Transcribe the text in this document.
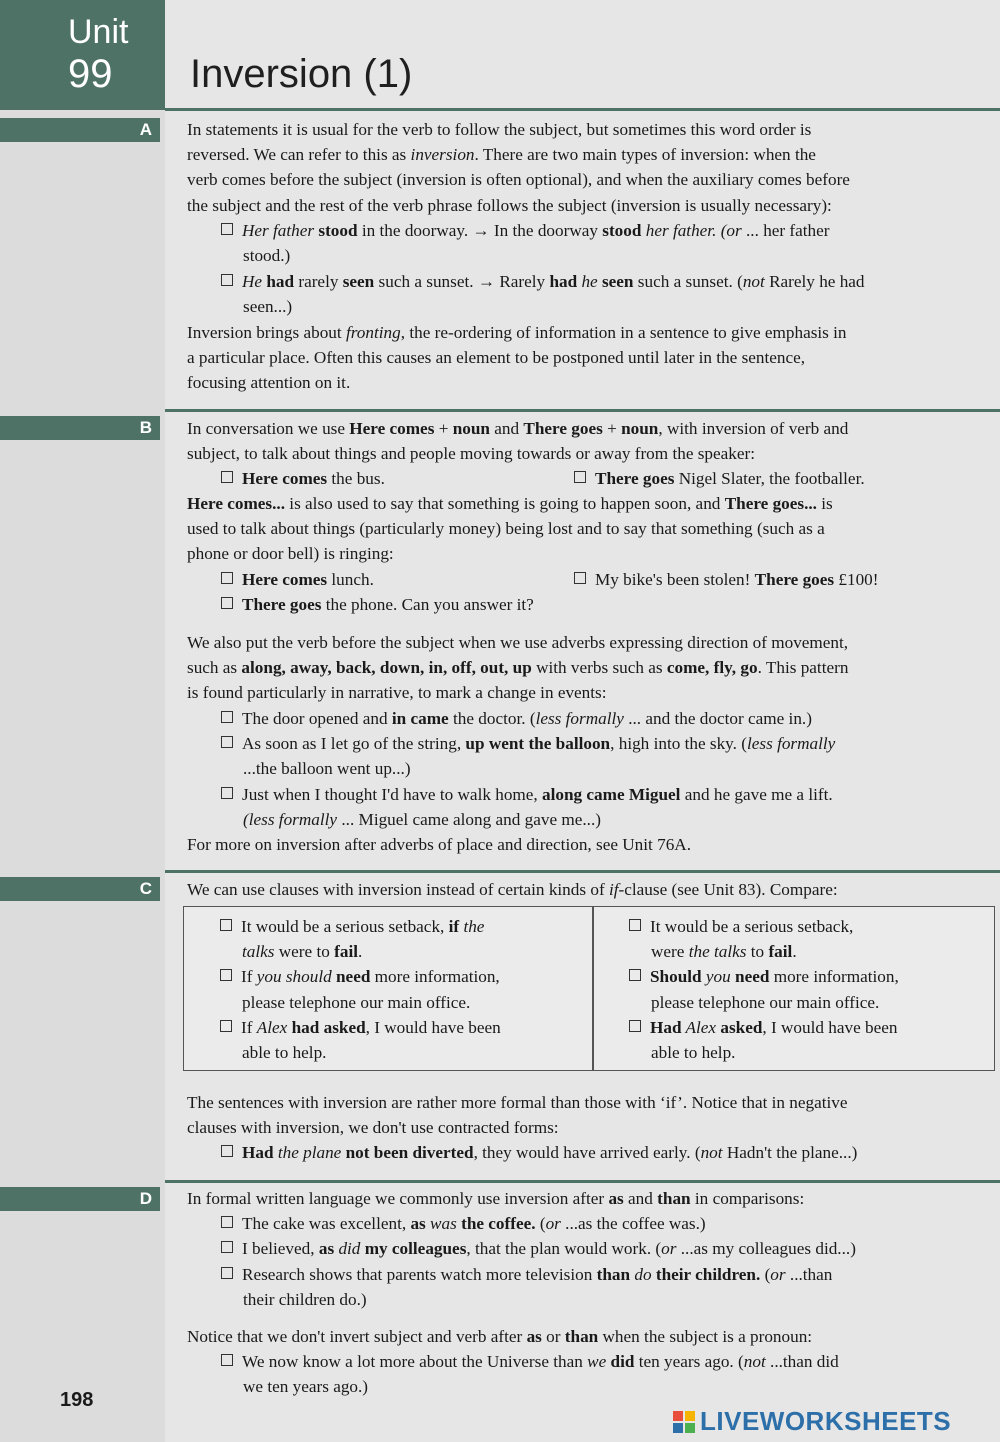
Unit
99 Inversion (1)
A In statements it is usual for the verb to follow the subject, but sometimes this word order is
reversed. We can refer to this as inversion. There are two main types of inversion: when the
verb comes before the subject (inversion is often optional), and when the auxiliary comes before
the subject and the rest of the verb phrase follows the subject (inversion is usually necessary):

Her father stood in the doorway. → In the doorway stood her father. (or ... her father
stood.)

He had rarely seen such a sunset. → Rarely had he seen such a sunset. (not Rarely he had
seen...)

Inversion brings about fronting, the re-ordering of information in a sentence to give emphasis in
a particular place. Often this causes an element to be postponed until later in the sentence,
focusing attention on it.

B In conversation we use Here comes + noun and There goes + noun, with inversion of verb and
subject, to talk about things and people moving towards or away from the speaker:

Here comes the bus.	There goes Nigel Slater, the footballer.

Here comes... is also used to say that something is going to happen soon, and There goes... is
used to talk about things (particularly money) being lost and to say that something (such as a
phone or door bell) is ringing:

Here comes lunch.	My bike's been stolen! There goes £100!

There goes the phone. Can you answer it?

We also put the verb before the subject when we use adverbs expressing direction of movement,
such as along, away, back, down, in, off, out, up with verbs such as come, fly, go. This pattern
is found particularly in narrative, to mark a change in events:

The door opened and in came the doctor. (less formally ... and the doctor came in.)

As soon as I let go of the string, up went the balloon, high into the sky. (less formally
...the balloon went up...)

Just when I thought I'd have to walk home, along came Miguel and he gave me a lift.
(less formally ... Miguel came along and gave me...)

For more on inversion after adverbs of place and direction, see Unit 76A.

C We can use clauses with inversion instead of certain kinds of if-clause (see Unit 83). Compare:

It would be a serious setback, if the
talks were to fail.
If you should need more information,
please telephone our main office.
If Alex had asked, I would have been
able to help.
It would be a serious setback,
were the talks to fail.
Should you need more information,
please telephone our main office.
Had Alex asked, I would have been
able to help.

The sentences with inversion are rather more formal than those with ‘if’. Notice that in negative
clauses with inversion, we don't use contracted forms:

Had the plane not been diverted, they would have arrived early. (not Hadn't the plane...)

D In formal written language we commonly use inversion after as and than in comparisons:

The cake was excellent, as was the coffee. (or ...as the coffee was.)

I believed, as did my colleagues, that the plan would work. (or ...as my colleagues did...)

Research shows that parents watch more television than do their children. (or ...than
their children do.)

Notice that we don't invert subject and verb after as or than when the subject is a pronoun:

We now know a lot more about the Universe than we did ten years ago. (not ...than did
we ten years ago.)

198
LIVEWORKSHEETS
